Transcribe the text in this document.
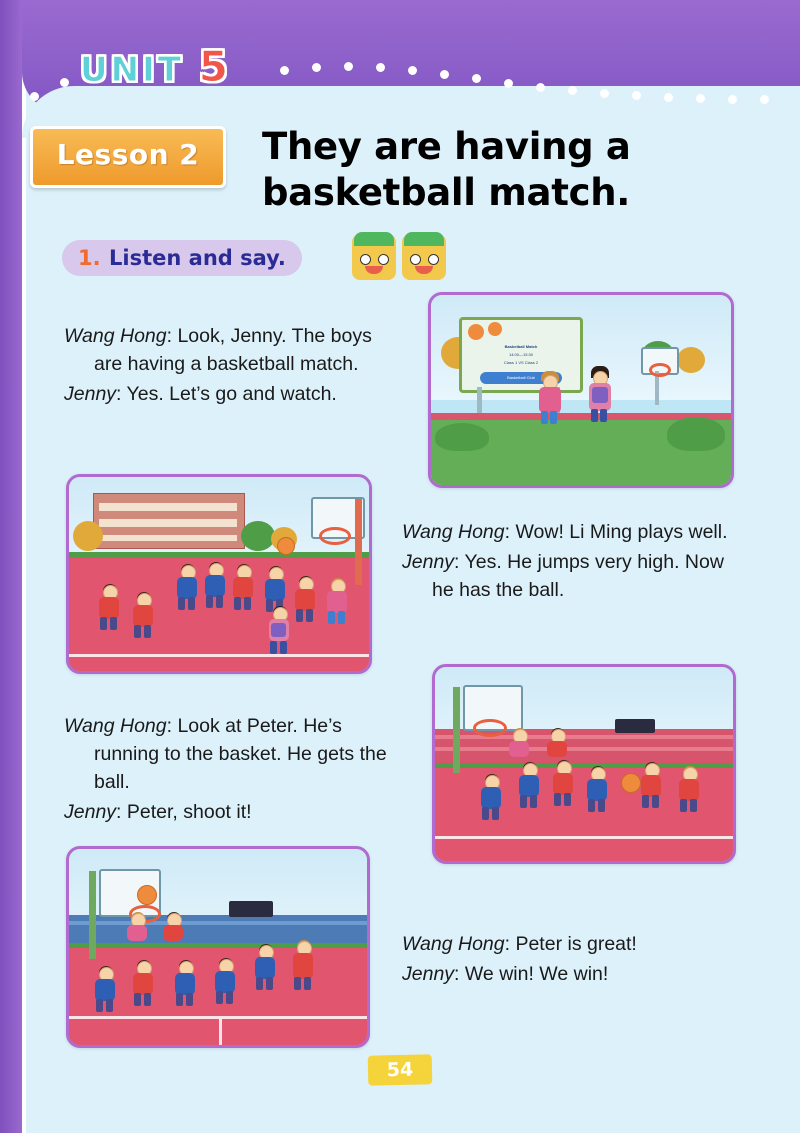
UNIT 5
Lesson 2	They are having a basketball match.
1. Listen and say.
Basketball Match
14:00—15:30
Class 1 VS Class 2
Basketball Club

Wang Hong: Look, Jenny. The boys are having a basketball match.

Jenny: Yes. Let’s go and watch.

Wang Hong: Wow! Li Ming plays well.

Jenny: Yes. He jumps very high. Now he has the ball.

Wang Hong: Look at Peter. He’s running to the basket. He gets the ball.

Jenny: Peter, shoot it!

Wang Hong: Peter is great!

Jenny: We win! We win!

54
